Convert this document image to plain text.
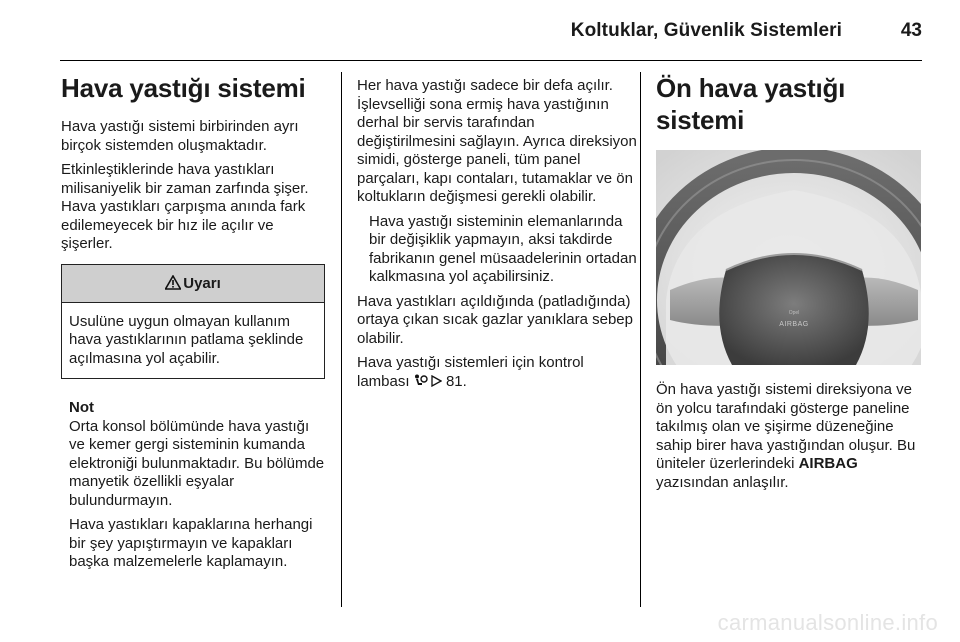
Koltuklar, Güvenlik Sistemleri	43
Hava yastığı sistemi

Hava yastığı sistemi birbirinden ayrı birçok sistemden oluşmaktadır.

Etkinleştiklerinde hava yastıkları milisaniyelik bir zaman zarfında şişer. Hava yastıkları çarpışma anında fark edilemeyecek bir hız ile açılır ve şişerler.

Uyarı
Usulüne uygun olmayan kullanım hava yastıklarının patlama şeklinde açılmasına yol açabilir.
Not

Orta konsol bölümünde hava yastığı ve kemer gergi sisteminin kumanda elektroniği bulunmaktadır. Bu bölümde manyetik özellikli eşyalar bulundurmayın.

Hava yastıkları kapaklarına herhangi bir şey yapıştırmayın ve kapakları başka malzemelerle kaplamayın.

Her hava yastığı sadece bir defa açılır. İşlevselliği sona ermiş hava yastığının derhal bir servis tarafından değiştirilmesini sağlayın. Ayrıca direksiyon simidi, gösterge paneli, tüm panel parçaları, kapı contaları, tutamaklar ve ön koltukların değişmesi gerekli olabilir.

Hava yastığı sisteminin elemanlarında bir değişiklik yapmayın, aksi takdirde fabrikanın genel müsaadelerinin ortadan kalkmasına yol açabilirsiniz.

Hava yastıkları açıldığında (patladığında) ortaya çıkan sıcak gazlar yanıklara sebep olabilir.

Hava yastığı sistemleri için kontrol lambası 81.

Ön hava yastığı sistemi
Opel
AIRBAG

Ön hava yastığı sistemi direksiyona ve ön yolcu tarafındaki gösterge paneline takılmış olan ve şişirme düzeneğine sahip birer hava yastığından oluşur. Bu üniteler üzerlerindeki AIRBAG yazısından anlaşılır.

carmanualsonline.info
